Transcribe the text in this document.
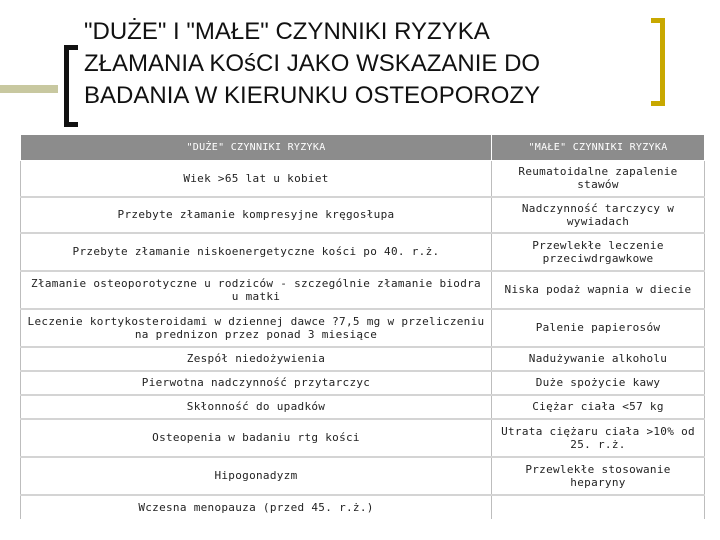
"DUŻE" I "MAŁE" CZYNNIKI RYZYKA
ZŁAMANIA KOśCI JAKO WSKAZANIE DO
BADANIA W KIERUNKU OSTEOPOROZY
"DUŻE" CZYNNIKI RYZYKA	"MAŁE" CZYNNIKI RYZYKA
Wiek >65 lat u kobiet	Reumatoidalne zapalenie stawów
Przebyte złamanie kompresyjne kręgosłupa	Nadczynność tarczycy w wywiadach
Przebyte złamanie niskoenergetyczne kości po 40. r.ż.	Przewlekłe leczenie przeciwdrgawkowe
Złamanie osteoporotyczne u rodziców - szczególnie złamanie biodra u matki	Niska podaż wapnia w diecie
Leczenie kortykosteroidami w dziennej dawce ?7,5 mg w przeliczeniu na prednizon przez ponad 3 miesiące	Palenie papierosów
Zespół niedożywienia	Nadużywanie alkoholu
Pierwotna nadczynność przytarczyc	Duże spożycie kawy
Skłonność do upadków	Ciężar ciała <57 kg
Osteopenia w badaniu rtg kości	Utrata ciężaru ciała >10% od 25. r.ż.
Hipogonadyzm	Przewlekłe stosowanie heparyny
Wczesna menopauza (przed 45. r.ż.)	
